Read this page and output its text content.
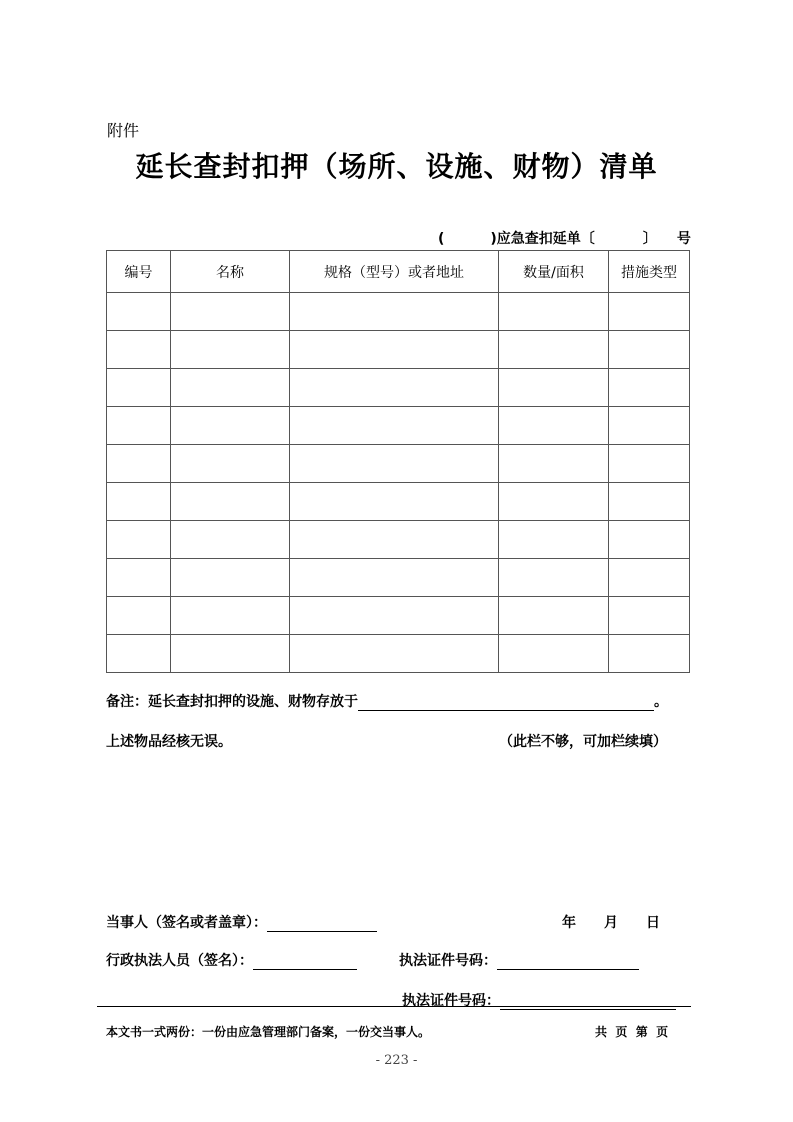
附件
延长查封扣押（场所、设施、财物）清单
(	)应急查扣延单〔	〕 号
编号	名称	规格（型号）或者地址	数量/面积	措施类型

备注：延长查封扣押的设施、财物存放于	。
上述物品经核无误。	（此栏不够，可加栏续填）
当事人（签名或者盖章）：	年 月 日
行政执法人员（签名）：	执法证件号码：
执法证件号码：
本文书一式两份：一份由应急管理部门备案，一份交当事人。	共  页  第  页
- 223 -
